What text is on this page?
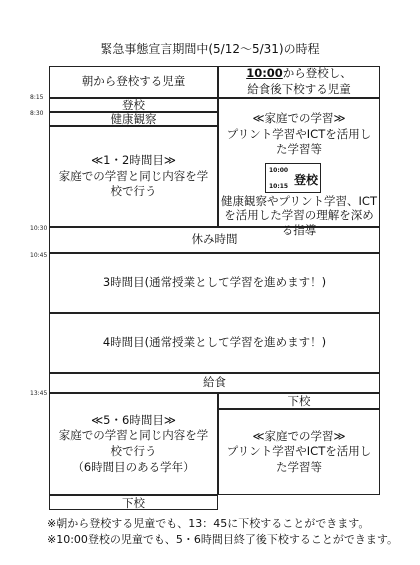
緊急事態宣言期間中(5/12～5/31)の時程
8:15
8:30
10:30
10:45
13:45
朝から登校する児童
登校
健康観察
≪1・2時間目≫
家庭での学習と同じ内容を学校で行う
10:00から登校し、
給食後下校する児童
≪家庭での学習≫
プリント学習やICTを活用した学習等
10:00
10:15 登校
健康観察やプリント学習、ICTを活用した学習の理解を深める指導
休み時間
3時間目(通常授業として学習を進めます！)
4時間目(通常授業として学習を進めます！)
給食
≪5・6時間目≫
家庭での学習と同じ内容を学校で行う
（6時間目のある学年）
下校
下校
≪家庭での学習≫
プリント学習やICTを活用した学習等
※朝から登校する児童でも、13：45に下校することができます。
※10:00登校の児童でも、5・6時間目終了後下校することができます。
